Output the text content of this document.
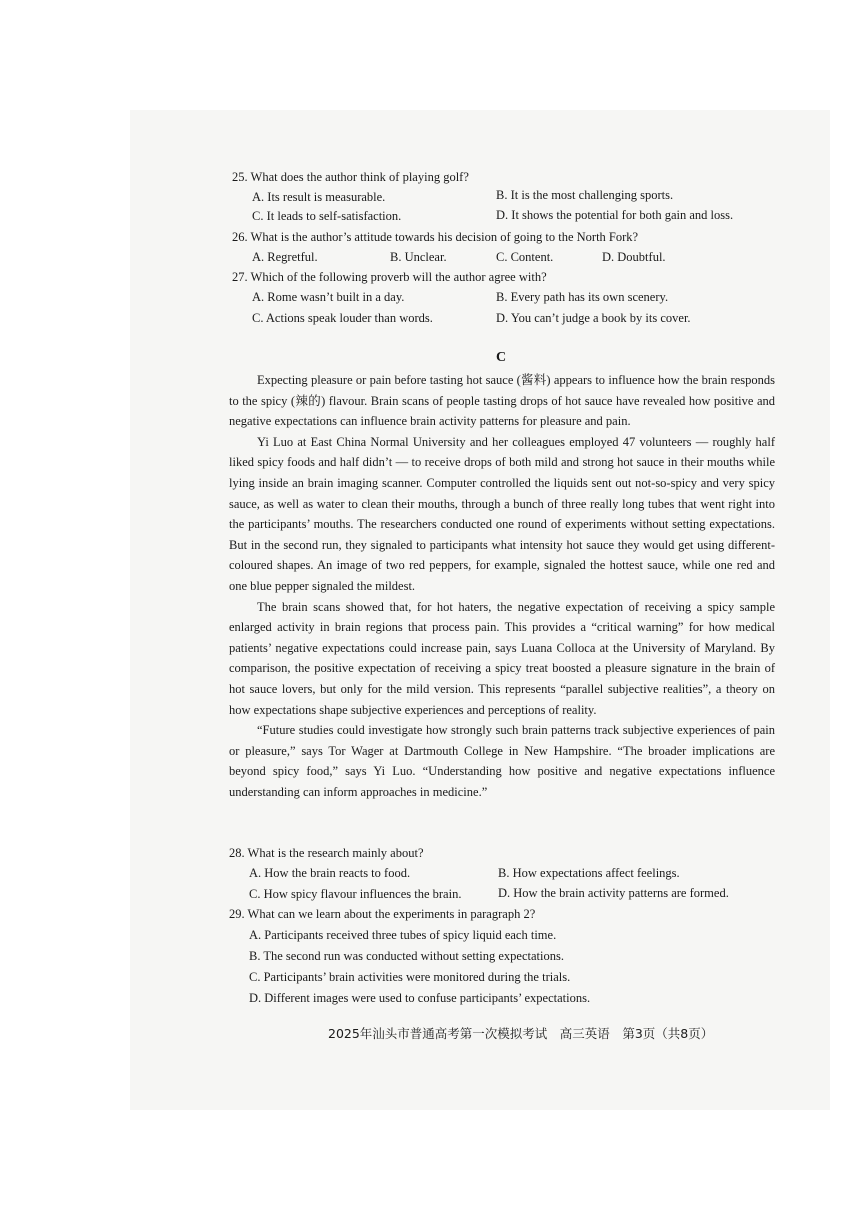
25. What does the author think of playing golf?
A. Its result is measurable.	B. It is the most challenging sports.
C. It leads to self-satisfaction.	D. It shows the potential for both gain and loss.
26. What is the author’s attitude towards his decision of going to the North Fork?
A. Regretful.	B. Unclear.	C. Content.	D. Doubtful.
27. Which of the following proverb will the author agree with?
A. Rome wasn’t built in a day.	B. Every path has its own scenery.
C. Actions speak louder than words.	D. You can’t judge a book by its cover.
C

Expecting pleasure or pain before tasting hot sauce (酱料) appears to influence how the brain responds to the spicy (辣的) flavour. Brain scans of people tasting drops of hot sauce have revealed how positive and negative expectations can influence brain activity patterns for pleasure and pain.

Yi Luo at East China Normal University and her colleagues employed 47 volunteers — roughly half liked spicy foods and half didn’t — to receive drops of both mild and strong hot sauce in their mouths while lying inside an brain imaging scanner. Computer controlled the liquids sent out not-so-spicy and very spicy sauce, as well as water to clean their mouths, through a bunch of three really long tubes that went right into the participants’ mouths. The researchers conducted one round of experiments without setting expectations. But in the second run, they signaled to participants what intensity hot sauce they would get using different-coloured shapes. An image of two red peppers, for example, signaled the hottest sauce, while one red and one blue pepper signaled the mildest.

The brain scans showed that, for hot haters, the negative expectation of receiving a spicy sample enlarged activity in brain regions that process pain. This provides a “critical warning” for how medical patients’ negative expectations could increase pain, says Luana Colloca at the University of Maryland. By comparison, the positive expectation of receiving a spicy treat boosted a pleasure signature in the brain of hot sauce lovers, but only for the mild version. This represents “parallel subjective realities”, a theory on how expectations shape subjective experiences and perceptions of reality.

“Future studies could investigate how strongly such brain patterns track subjective experiences of pain or pleasure,” says Tor Wager at Dartmouth College in New Hampshire. “The broader implications are beyond spicy food,” says Yi Luo. “Understanding how positive and negative expectations influence understanding can inform approaches in medicine.”

28. What is the research mainly about?
A. How the brain reacts to food.	B. How expectations affect feelings.
C. How spicy flavour influences the brain.	D. How the brain activity patterns are formed.
29. What can we learn about the experiments in paragraph 2?
A. Participants received three tubes of spicy liquid each time.
B. The second run was conducted without setting expectations.
C. Participants’ brain activities were monitored during the trials.
D. Different images were used to confuse participants’ expectations.
2025年汕头市普通高考第一次模拟考试　高三英语　第3页（共8页）
